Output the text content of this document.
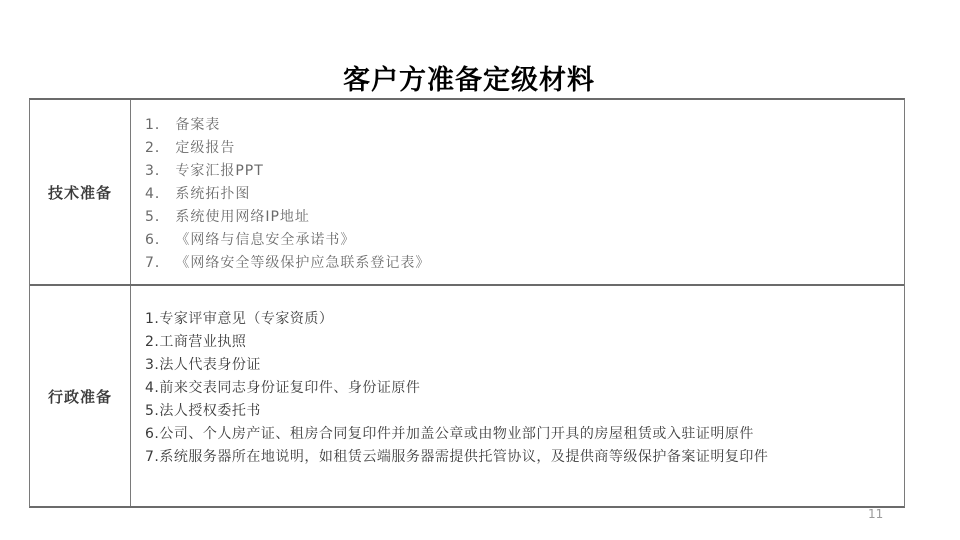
客户方准备定级材料
技术准备
1． 备案表
2． 定级报告
3． 专家汇报PPT
4． 系统拓扑图
5． 系统使用网络IP地址
6． 《网络与信息安全承诺书》
7． 《网络安全等级保护应急联系登记表》
行政准备
1.专家评审意见（专家资质）
2.工商营业执照
3.法人代表身份证
4.前来交表同志身份证复印件、身份证原件
5.法人授权委托书
6.公司、个人房产证、租房合同复印件并加盖公章或由物业部门开具的房屋租赁或入驻证明原件
7.系统服务器所在地说明，如租赁云端服务器需提供托管协议，及提供商等级保护备案证明复印件
11
